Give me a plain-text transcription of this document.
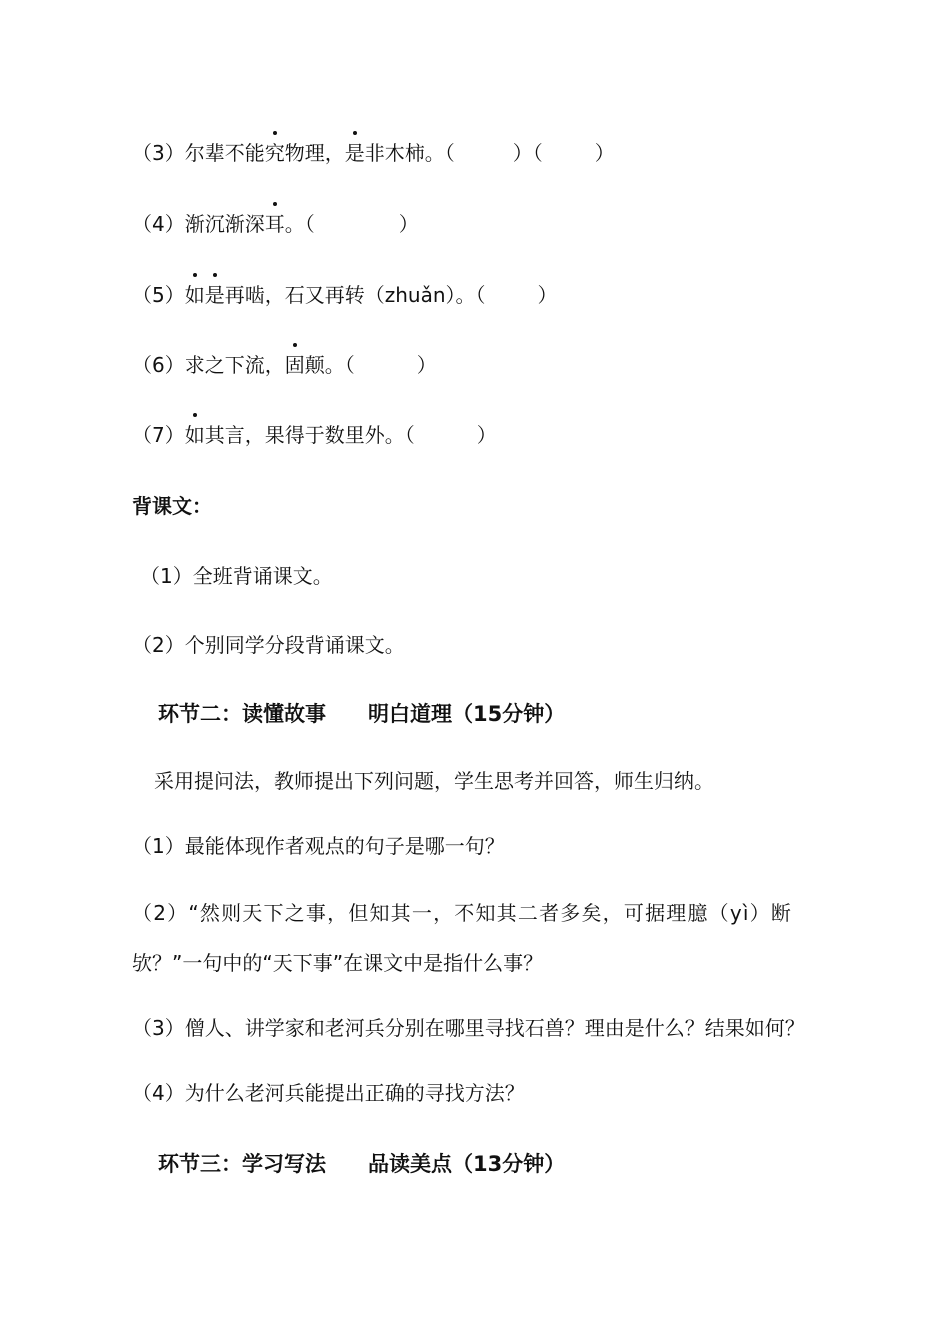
（3）尔辈不能究物理，是非木柿。（	）（	）
（4）渐沉渐深耳。（	）
（5）如是再啮，石又再转（zhuǎn）。（	）
（6）求之下流，固颠。（	）
（7）如其言，果得于数里外。（	）
背课文：
（1）全班背诵课文。
（2）个别同学分段背诵课文。
环节二：读懂故事　　明白道理（15分钟）
采用提问法，教师提出下列问题，学生思考并回答，师生归纳。
（1）最能体现作者观点的句子是哪一句？
（2）“然则天下之事，但知其一，不知其二者多矣，可据理臆（yì）断
欤？”一句中的“天下事”在课文中是指什么事？
（3）僧人、讲学家和老河兵分别在哪里寻找石兽？理由是什么？结果如何？
（4）为什么老河兵能提出正确的寻找方法？
环节三：学习写法　　品读美点（13分钟）
